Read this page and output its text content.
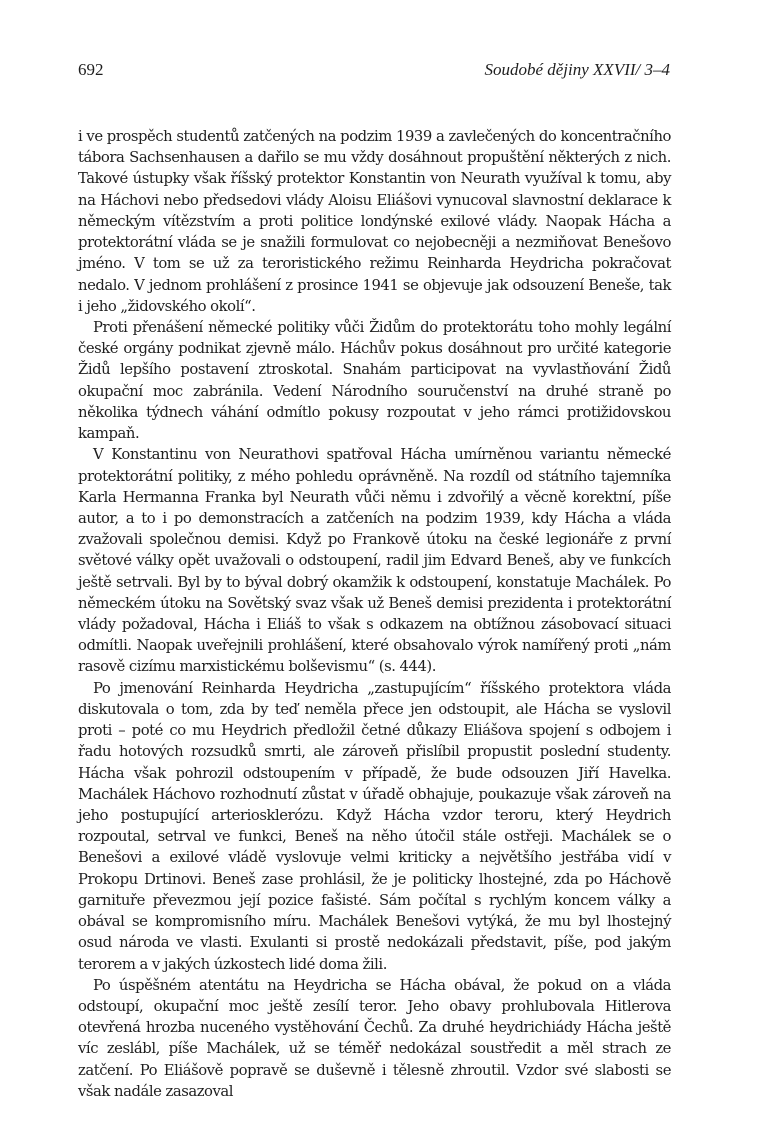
692	Soudobé dějiny XXVII/ 3–4

i ve prospěch studentů zatčených na podzim 1939 a zavlečených do koncentračního tábora Sachsenhausen a dařilo se mu vždy dosáhnout propuštění některých z nich. Takové ústupky však říšský protektor Konstantin von Neurath využíval k tomu, aby na Háchovi nebo předsedovi vlády Aloisu Eliášovi vynucoval slavnostní deklarace k německým vítězstvím a proti politice londýnské exilové vlády. Naopak Hácha a protektorátní vláda se je snažili formulovat co nejobecněji a nezmiňovat Benešovo jméno. V tom se už za teroristického režimu Reinharda Heydricha pokračovat nedalo. V jednom prohlášení z prosince 1941 se objevuje jak odsouzení Beneše, tak i jeho „židovského okolí“.

Proti přenášení německé politiky vůči Židům do protektorátu toho mohly legální české orgány podnikat zjevně málo. Háchův pokus dosáhnout pro určité kategorie Židů lepšího postavení ztroskotal. Snahám participovat na vyvlastňování Židů okupační moc zabránila. Vedení Národního souručenství na druhé straně po několika týdnech váhání odmítlo pokusy rozpoutat v jeho rámci protižidovskou kampaň.

V Konstantinu von Neurathovi spatřoval Hácha umírněnou variantu německé protektorátní politiky, z mého pohledu oprávněně. Na rozdíl od státního tajemníka Karla Hermanna Franka byl Neurath vůči němu i zdvořilý a věcně korektní, píše autor, a to i po demonstracích a zatčeních na podzim 1939, kdy Hácha a vláda zvažovali společnou demisi. Když po Frankově útoku na české legionáře z první světové války opět uvažovali o odstoupení, radil jim Edvard Beneš, aby ve funkcích ještě setrvali. Byl by to býval dobrý okamžik k odstoupení, konstatuje Machálek. Po německém útoku na Sovětský svaz však už Beneš demisi prezidenta i protektorátní vlády požadoval, Hácha i Eliáš to však s odkazem na obtížnou zásobovací situaci odmítli. Naopak uveřejnili prohlášení, které obsahovalo výrok namířený proti „nám rasově cizímu marxistickému bolševismu“ (s. 444).

Po jmenování Reinharda Heydricha „zastupujícím“ říšského protektora vláda diskutovala o tom, zda by teď neměla přece jen odstoupit, ale Hácha se vyslovil proti – poté co mu Heydrich předložil četné důkazy Eliášova spojení s odbojem i řadu hotových rozsudků smrti, ale zároveň přislíbil propustit poslední studenty. Hácha však pohrozil odstoupením v případě, že bude odsouzen Jiří Havelka. Machálek Háchovo rozhodnutí zůstat v úřadě obhajuje, poukazuje však zároveň na jeho postupující arteriosklerózu. Když Hácha vzdor teroru, který Heydrich rozpoutal, setrval ve funkci, Beneš na něho útočil stále ostřeji. Machálek se o Benešovi a exilové vládě vyslovuje velmi kriticky a největšího jestřába vidí v Prokopu Drtinovi. Beneš zase prohlásil, že je politicky lhostejné, zda po Háchově garnituře převezmou její pozice fašisté. Sám počítal s rychlým koncem války a obával se kompromisního míru. Machálek Benešovi vytýká, že mu byl lhostejný osud národa ve vlasti. Exulanti si prostě nedokázali představit, píše, pod jakým terorem a v jakých úzkostech lidé doma žili.

Po úspěšném atentátu na Heydricha se Hácha obával, že pokud on a vláda odstoupí, okupační moc ještě zesílí teror. Jeho obavy prohlubovala Hitlerova otevřená hrozba nuceného vystěhování Čechů. Za druhé heydrichiády Hácha ještě víc zeslábl, píše Machálek, už se téměř nedokázal soustředit a měl strach ze zatčení. Po Eliášově popravě se duševně i tělesně zhroutil. Vzdor své slabosti se však nadále zasazoval
